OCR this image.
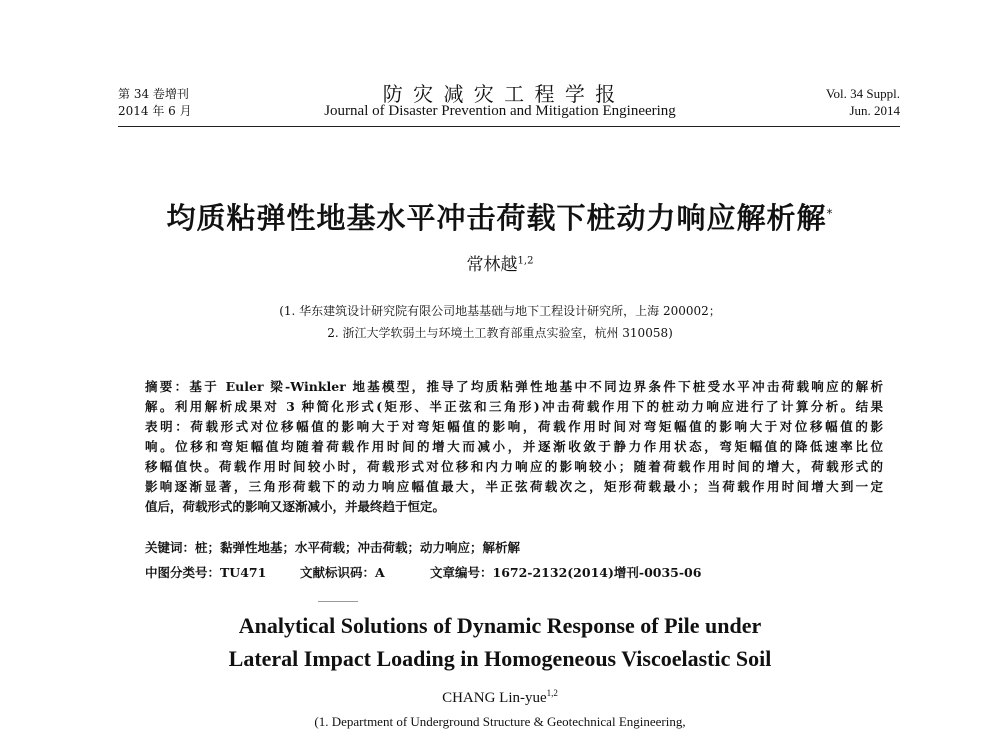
第 34 卷增刊
2014 年 6 月
防 灾 减 灾 工 程 学 报
Journal of Disaster Prevention and Mitigation Engineering
Vol. 34 Suppl.
Jun. 2014
均质粘弹性地基水平冲击荷载下桩动力响应解析解*
常林越$^{1,2}$
(1. 华东建筑设计研究院有限公司地基基础与地下工程设计研究所，上海 200002；
2. 浙江大学软弱土与环境土工教育部重点实验室，杭州 310058)
摘要：基于 Euler 梁-Winkler 地基模型，推导了均质粘弹性地基中不同边界条件下桩受水平冲击荷载响应的解析
解。利用解析成果对 3 种简化形式(矩形、半正弦和三角形)冲击荷载作用下的桩动力响应进行了计算分析。结果
表明：荷载形式对位移幅值的影响大于对弯矩幅值的影响，荷载作用时间对弯矩幅值的影响大于对位移幅值的影
响。位移和弯矩幅值均随着荷载作用时间的增大而减小，并逐渐收敛于静力作用状态，弯矩幅值的降低速率比位
移幅值快。荷载作用时间较小时，荷载形式对位移和内力响应的影响较小；随着荷载作用时间的增大，荷载形式的
影响逐渐显著，三角形荷载下的动力响应幅值最大，半正弦荷载次之，矩形荷载最小；当荷载作用时间增大到一定
值后，荷载形式的影响又逐渐减小，并最终趋于恒定。
关键词：桩；黏弹性地基；水平荷载；冲击荷载；动力响应；解析解
中图分类号：TU471	文献标识码：A	文章编号：1672-2132(2014)增刊-0035-06
Analytical Solutions of Dynamic Response of Pile under
Lateral Impact Loading in Homogeneous Viscoelastic Soil
CHANG Lin-yue$^{1,2}$
(1. Department of Underground Structure & Geotechnical Engineering,
